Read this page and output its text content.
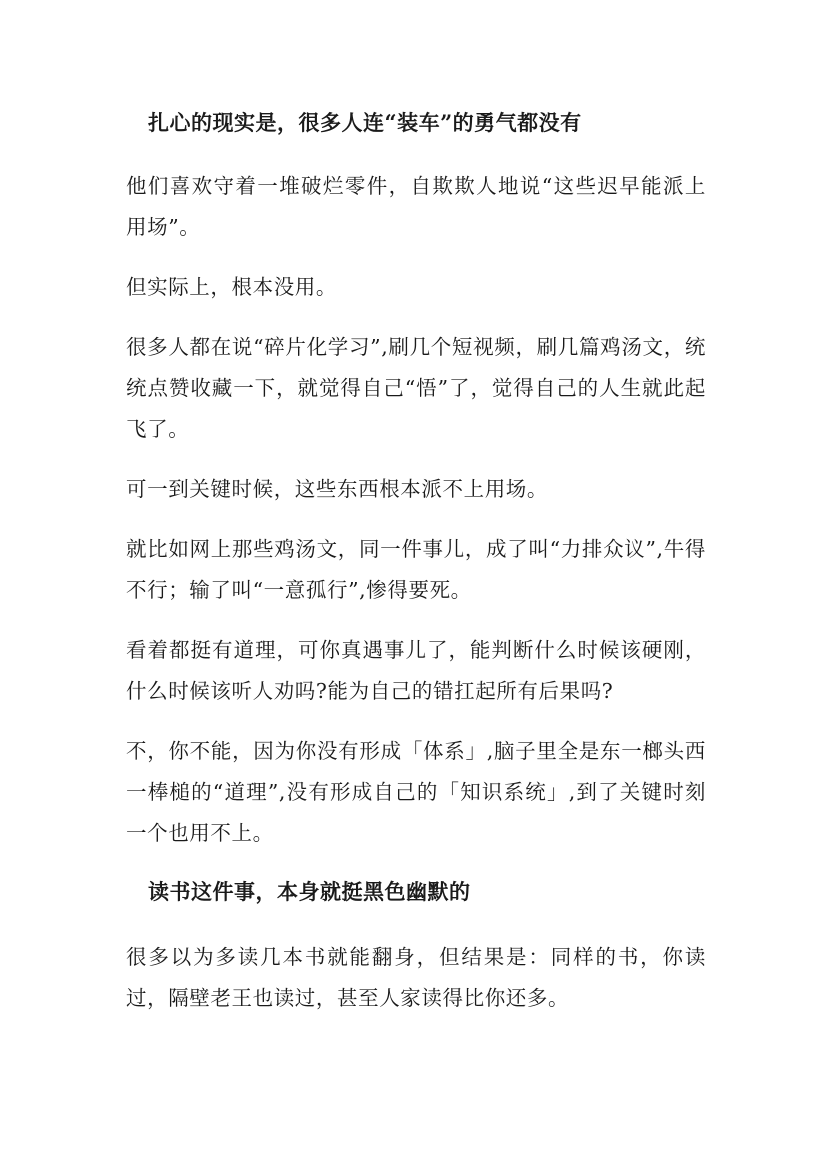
扎心的现实是，很多人连“装车”的勇气都没有

他们喜欢守着一堆破烂零件，自欺欺人地说“这些迟早能派上用场”。

但实际上，根本没用。

很多人都在说“碎片化学习”,刷几个短视频，刷几篇鸡汤文，统统点赞收藏一下，就觉得自己“悟”了，觉得自己的人生就此起飞了。

可一到关键时候，这些东西根本派不上用场。

就比如网上那些鸡汤文，同一件事儿，成了叫“力排众议”,牛得不行；输了叫“一意孤行”,惨得要死。

看着都挺有道理，可你真遇事儿了，能判断什么时候该硬刚，什么时候该听人劝吗?能为自己的错扛起所有后果吗?

不，你不能，因为你没有形成「体系」,脑子里全是东一榔头西一棒槌的“道理”,没有形成自己的「知识系统」,到了关键时刻一个也用不上。

读书这件事，本身就挺黑色幽默的

很多以为多读几本书就能翻身，但结果是：同样的书，你读过，隔壁老王也读过，甚至人家读得比你还多。
